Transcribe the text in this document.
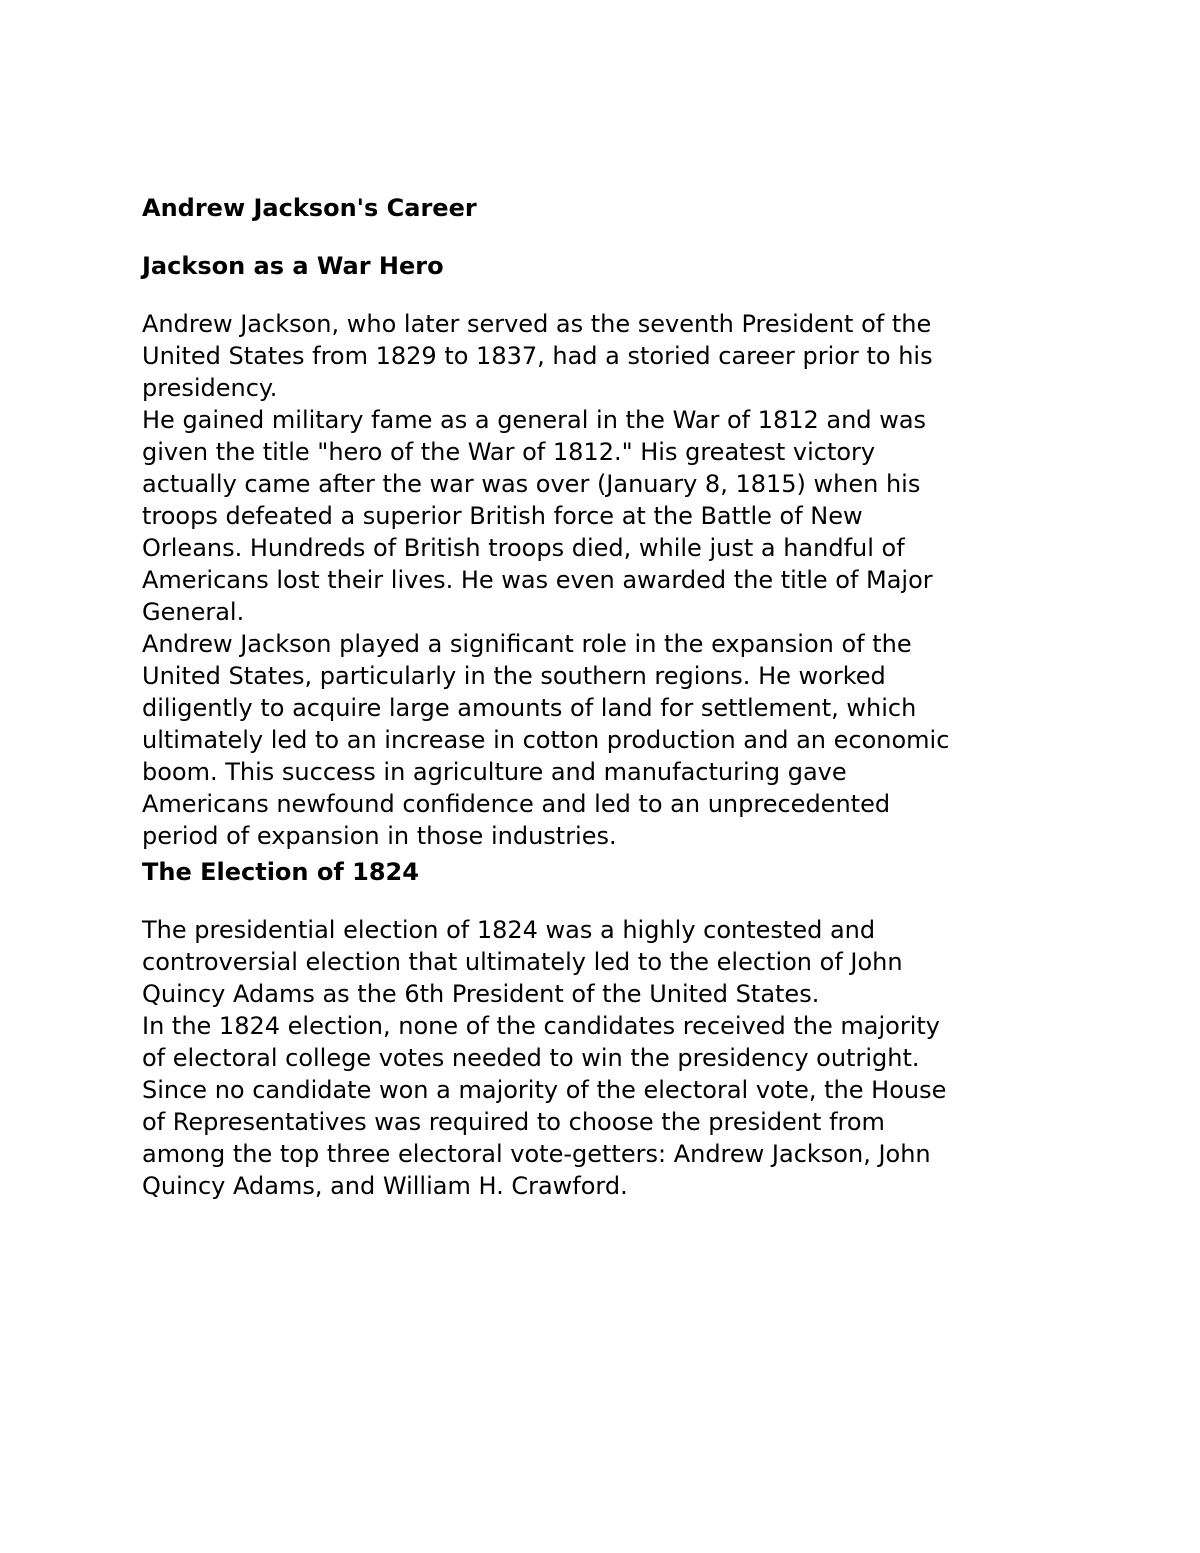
Andrew Jackson's Career
Jackson as a War Hero
Andrew Jackson, who later served as the seventh President of the
United States from 1829 to 1837, had a storied career prior to his
presidency.
He gained military fame as a general in the War of 1812 and was
given the title "hero of the War of 1812." His greatest victory
actually came after the war was over (January 8, 1815) when his
troops defeated a superior British force at the Battle of New
Orleans. Hundreds of British troops died, while just a handful of
Americans lost their lives. He was even awarded the title of Major
General.
Andrew Jackson played a significant role in the expansion of the
United States, particularly in the southern regions. He worked
diligently to acquire large amounts of land for settlement, which
ultimately led to an increase in cotton production and an economic
boom. This success in agriculture and manufacturing gave
Americans newfound confidence and led to an unprecedented
period of expansion in those industries.
The Election of 1824
The presidential election of 1824 was a highly contested and
controversial election that ultimately led to the election of John
Quincy Adams as the 6th President of the United States.
In the 1824 election, none of the candidates received the majority
of electoral college votes needed to win the presidency outright.
Since no candidate won a majority of the electoral vote, the House
of Representatives was required to choose the president from
among the top three electoral vote-getters: Andrew Jackson, John
Quincy Adams, and William H. Crawford.
